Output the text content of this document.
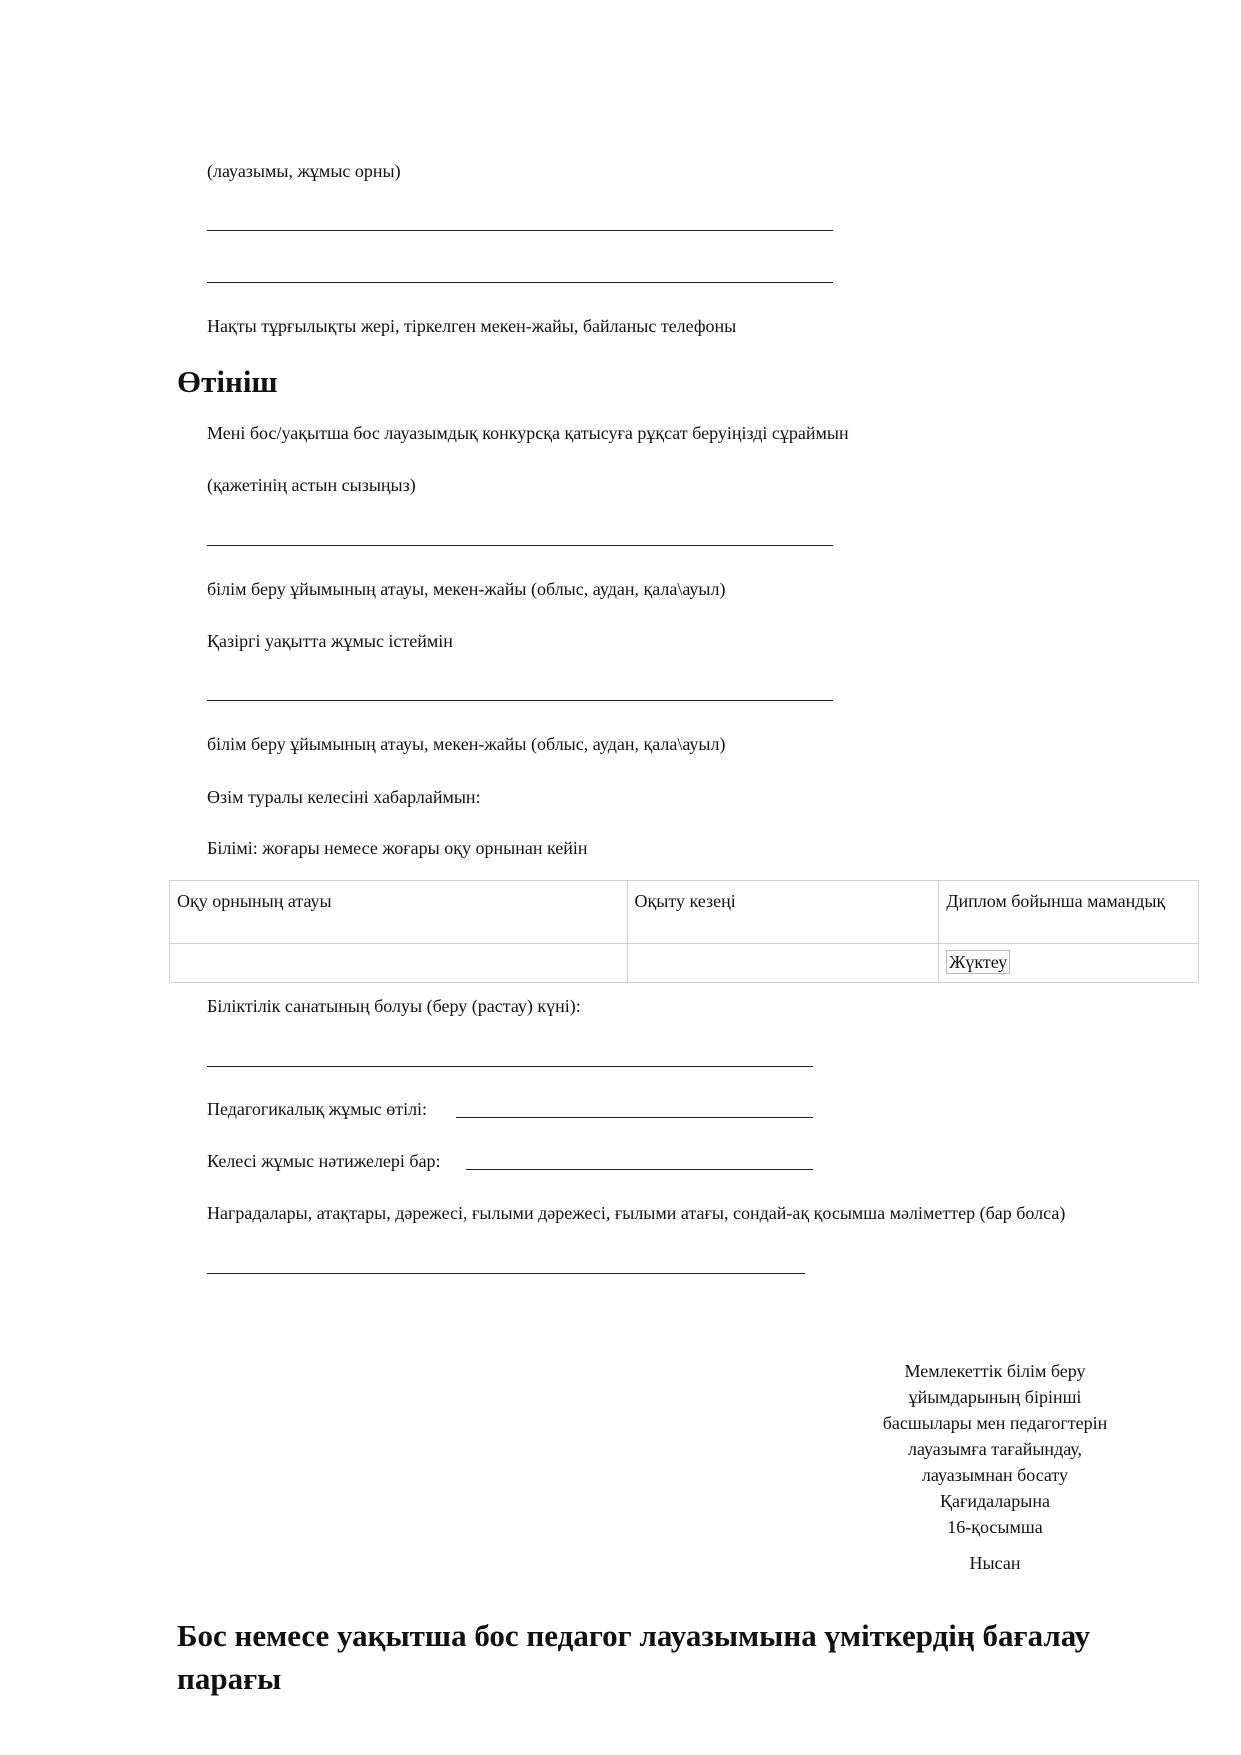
(лауазымы, жұмыс орны)
Нақты тұрғылықты жері, тіркелген мекен-жайы, байланыс телефоны
Өтініш
Мені бос/уақытша бос лауазымдық конкурсқа қатысуға рұқсат беруіңізді сұраймын
(қажетінің астын сызыңыз)
білім беру ұйымының атауы, мекен-жайы (облыс, аудан, қала\ауыл)
Қазіргі уақытта жұмыс істеймін
білім беру ұйымының атауы, мекен-жайы (облыс, аудан, қала\ауыл)
Өзім туралы келесіні хабарлаймын:
Білімі: жоғары немесе жоғары оқу орнынан кейін
Оқу орнының атауы	Оқыту кезеңі	Диплом бойынша мамандық
		Жүктеу
Біліктілік санатының болуы (беру (растау) күні):
Педагогикалық жұмыс өтілі:
Келесі жұмыс нәтижелері бар:
Наградалары, атақтары, дәрежесі, ғылыми дәрежесі, ғылыми атағы, сондай-ақ қосымша мәліметтер (бар болса)
Мемлекеттік білім беру
ұйымдарының бірінші
басшылары мен педагогтерін
лауазымға тағайындау,
лауазымнан босату
Қағидаларына
16-қосымша
Нысан
Бос немесе уақытша бос педагог лауазымына үміткердің бағалау
парағы
